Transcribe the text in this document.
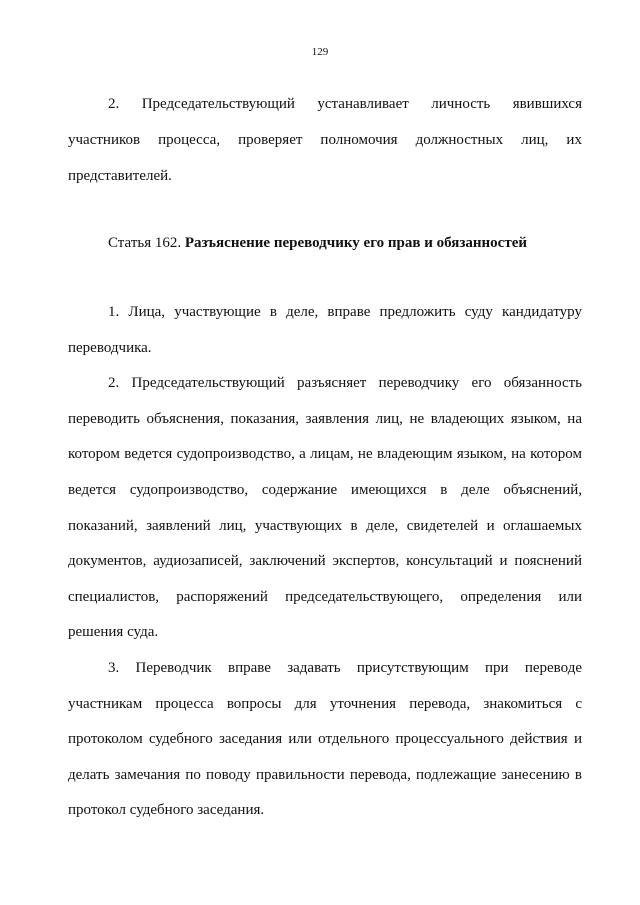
129
2. Председательствующий устанавливает личность явившихся
участников процесса, проверяет полномочия должностных лиц, их
представителей.

Статья 162. Разъяснение переводчику его прав и обязанностей

1. Лица, участвующие в деле, вправе предложить суду кандидатуру переводчика.

2. Председательствующий разъясняет переводчику его обязанность переводить объяснения, показания, заявления лиц, не владеющих языком, на котором ведется судопроизводство, а лицам, не владеющим языком, на котором ведется судопроизводство, содержание имеющихся в деле объяснений, показаний, заявлений лиц, участвующих в деле, свидетелей и оглашаемых документов, аудиозаписей, заключений экспертов, консультаций и пояснений специалистов, распоряжений председательствующего, определения или решения суда.

3. Переводчик вправе задавать присутствующим при переводе участникам процесса вопросы для уточнения перевода, знакомиться с протоколом судебного заседания или отдельного процессуального действия и делать замечания по поводу правильности перевода, подлежащие занесению в протокол судебного заседания.
